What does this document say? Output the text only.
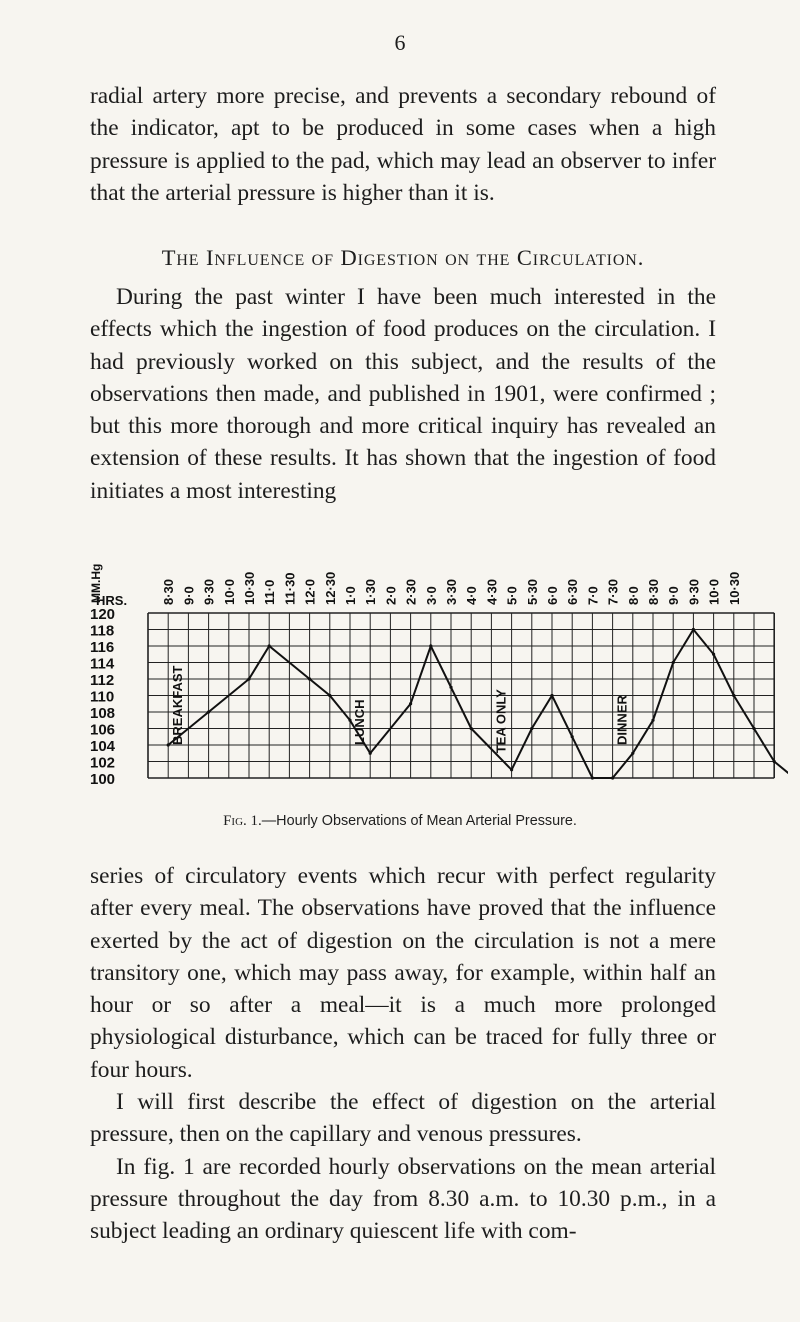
6

radial artery more precise, and prevents a secondary rebound of the indicator, apt to be produced in some cases when a high pressure is applied to the pad, which may lead an observer to infer that the arterial pressure is higher than it is.

The Influence of Digestion on the Circulation.

During the past winter I have been much interested in the effects which the ingestion of food produces on the circulation. I had previously worked on this subject, and the results of the observations then made, and published in 1901, were confirmed ; but this more thorough and more critical inquiry has revealed an extension of these results. It has shown that the ingestion of food initiates a most interesting

120
118
116
114
112
110
108
106
104
102
100
MM.Hg
HRS.	8·30 9·0 9·30 10·0 10·30 11·0 11·30 12·0 12·30 1·0 1·30 2·0 2·30 3·0 3·30 4·0 4·30 5·0 5·30 6·0 6·30 7·0 7·30 8·0 8·30 9·0 9·30 10·0 10·30
BREAKFAST	LUNCH	TEA ONLY	DINNER
Fig. 1.—Hourly Observations of Mean Arterial Pressure.

series of circulatory events which recur with perfect regularity after every meal. The observations have proved that the influence exerted by the act of digestion on the circulation is not a mere transitory one, which may pass away, for example, within half an hour or so after a meal—it is a much more prolonged physiological disturbance, which can be traced for fully three or four hours.

I will first describe the effect of digestion on the arterial pressure, then on the capillary and venous pressures.

In fig. 1 are recorded hourly observations on the mean arterial pressure throughout the day from 8.30 a.m. to 10.30 p.m., in a subject leading an ordinary quiescent life with com-
